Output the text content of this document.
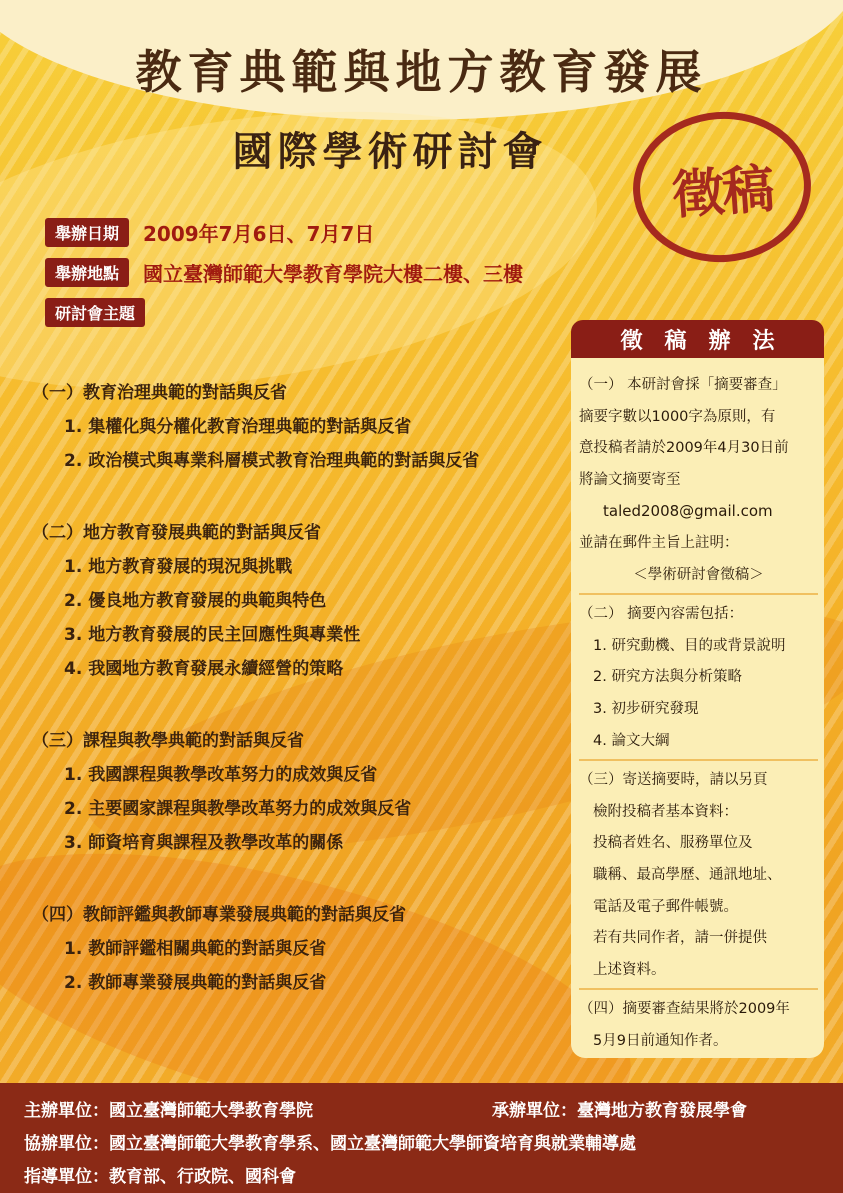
教育典範與地方教育發展
國際學術研討會
徵稿
舉辦日期	2009年7月6日、7月7日
舉辦地點	國立臺灣師範大學教育學院大樓二樓、三樓
研討會主題
（一）教育治理典範的對話與反省
1. 集權化與分權化教育治理典範的對話與反省
2. 政治模式與專業科層模式教育治理典範的對話與反省
（二）地方教育發展典範的對話與反省
1. 地方教育發展的現況與挑戰
2. 優良地方教育發展的典範與特色
3. 地方教育發展的民主回應性與專業性
4. 我國地方教育發展永續經營的策略
（三）課程與教學典範的對話與反省
1. 我國課程與教學改革努力的成效與反省
2. 主要國家課程與教學改革努力的成效與反省
3. 師資培育與課程及教學改革的關係
（四）教師評鑑與教師專業發展典範的對話與反省
1. 教師評鑑相關典範的對話與反省
2. 教師專業發展典範的對話與反省
徵稿辦法
（一） 本研討會採「摘要審查」
摘要字數以1000字為原則，有
意投稿者請於2009年4月30日前
將論文摘要寄至
taled2008@gmail.com
並請在郵件主旨上註明：
＜學術研討會徵稿＞
（二） 摘要內容需包括：
1. 研究動機、目的或背景說明
2. 研究方法與分析策略
3. 初步研究發現
4. 論文大綱
（三）寄送摘要時，請以另頁
檢附投稿者基本資料：
投稿者姓名、服務單位及
職稱、最高學歷、通訊地址、
電話及電子郵件帳號。
若有共同作者，請一併提供
上述資料。
（四）摘要審查結果將於2009年
5月9日前通知作者。
主辦單位：國立臺灣師範大學教育學院	承辦單位：臺灣地方教育發展學會
協辦單位：國立臺灣師範大學教育學系、國立臺灣師範大學師資培育與就業輔導處
指導單位：教育部、行政院、國科會
